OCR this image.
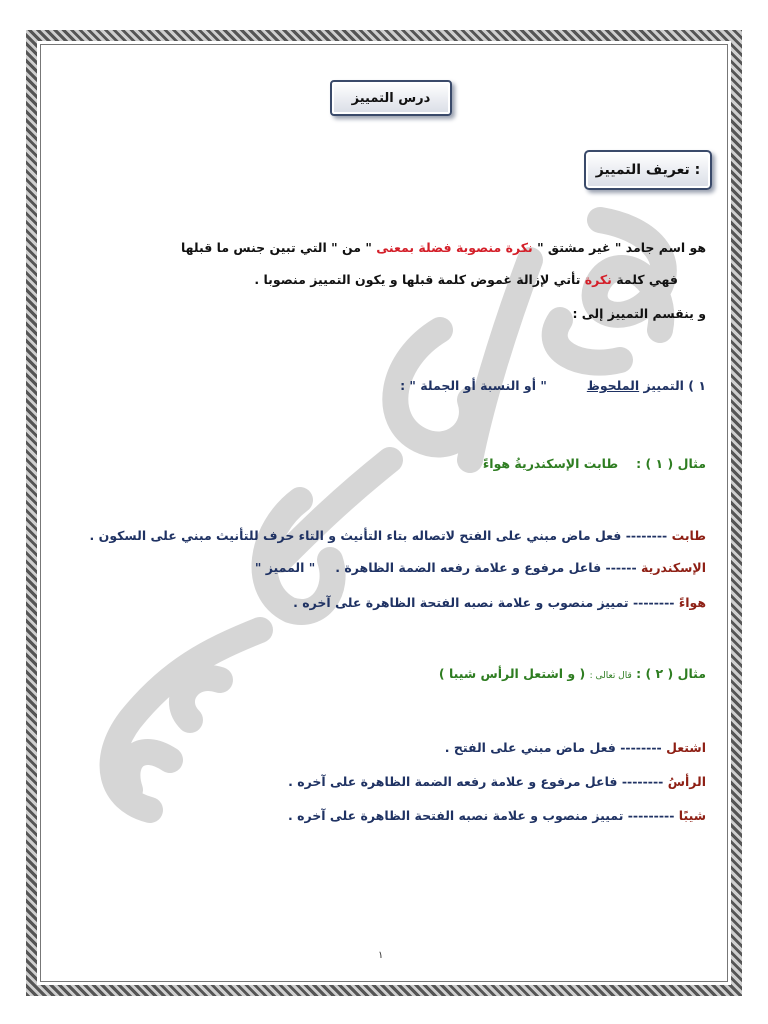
درس التمييز
تعريف التمييز :
هو اسم جامد " غير مشتق " نكرة منصوبة فضلة بمعنى " من " التي تبين جنس ما قبلها
فهي كلمة نكرة تأتي لإزالة غموض كلمة قبلها و يكون التمييز منصوبا .
و ينقسم التمييز إلى :
١ ) التمييز الملحوظ" أو النسبة أو الجملة " :
مثال ( ١ ) :طابت الإسكندريةُ هواءً
طابت -------- فعل ماض مبني على الفتح لاتصاله بتاء التأنيث و التاء حرف للتأنيث مبني على السكون .
الإسكندرية ------ فاعل مرفوع و علامة رفعه الضمة الظاهرة ." المميز "
هواءً -------- تمييز منصوب و علامة نصبه الفتحة الظاهرة على آخره .
مثال ( ٢ ) : قال تعالى : ( و اشتعل الرأس شيبا )
اشتعل -------- فعل ماض مبني على الفتح .
الرأسُ -------- فاعل مرفوع و علامة رفعه الضمة الظاهرة على آخره .
شيبًا --------- تمييز منصوب و علامة نصبه الفتحة الظاهرة على آخره .
١
